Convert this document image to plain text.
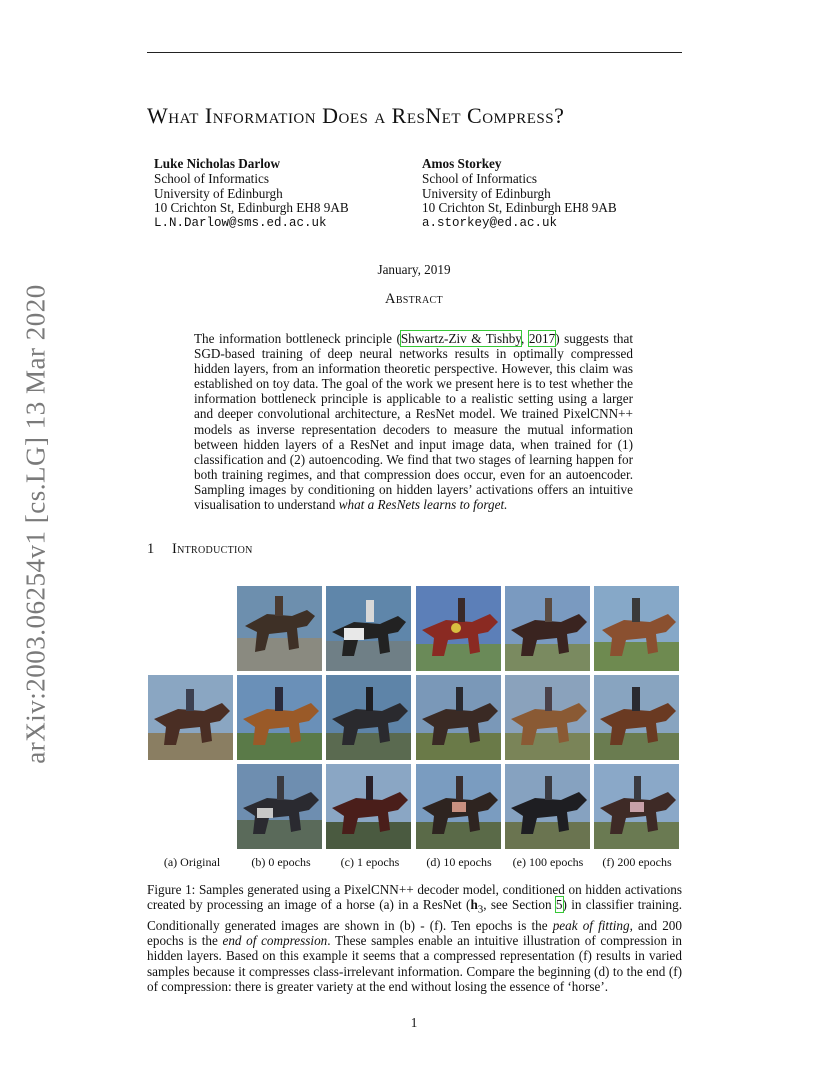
arXiv:2003.06254v1 [cs.LG] 13 Mar 2020
What Information Does a ResNet Compress?
Luke Nicholas Darlow
School of Informatics
University of Edinburgh
10 Crichton St, Edinburgh EH8 9AB
L.N.Darlow@sms.ed.ac.uk
Amos Storkey
School of Informatics
University of Edinburgh
10 Crichton St, Edinburgh EH8 9AB
a.storkey@ed.ac.uk
January, 2019
Abstract
The information bottleneck principle (Shwartz-Ziv & Tishby, 2017) suggests that SGD-based training of deep neural networks results in optimally compressed hidden layers, from an information theoretic perspective. However, this claim was established on toy data. The goal of the work we present here is to test whether the information bottleneck principle is applicable to a realistic setting using a larger and deeper convolutional architecture, a ResNet model. We trained PixelCNN++ models as inverse representation decoders to measure the mutual information between hidden layers of a ResNet and input image data, when trained for (1) classification and (2) autoencoding. We find that two stages of learning happen for both training regimes, and that compression does occur, even for an autoencoder. Sampling images by conditioning on hidden layers’ activations offers an intuitive visualisation to understand what a ResNets learns to forget.
1 Introduction
(a) Original	(b) 0 epochs	(c) 1 epochs	(d) 10 epochs	(e) 100 epochs	(f) 200 epochs
Figure 1: Samples generated using a PixelCNN++ decoder model, conditioned on hidden activations created by processing an image of a horse (a) in a ResNet ($h_3$, see Section 5) in classifier training. Conditionally generated images are shown in (b) - (f). Ten epochs is the peak of fitting, and 200 epochs is the end of compression. These samples enable an intuitive illustration of compression in hidden layers. Based on this example it seems that a compressed representation (f) results in varied samples because it compresses class-irrelevant information. Compare the beginning (d) to the end (f) of compression: there is greater variety at the end without losing the essence of ‘horse’.
1
